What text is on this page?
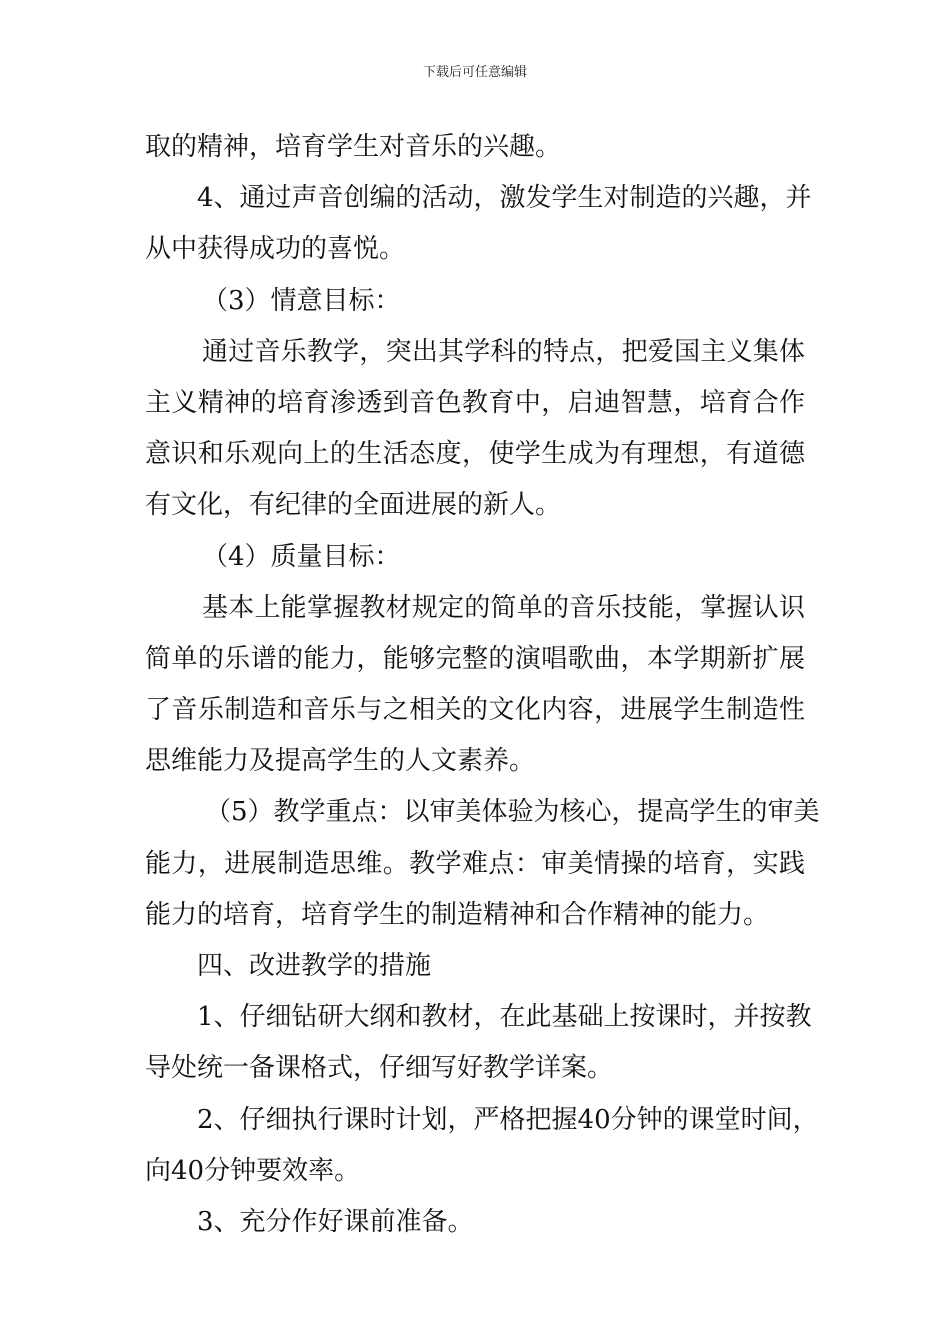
下载后可任意编辑
取的精神，培育学生对音乐的兴趣。
4、通过声音创编的活动，激发学生对制造的兴趣，并
从中获得成功的喜悦。
（3）情意目标：
通过音乐教学，突出其学科的特点，把爱国主义集体
主义精神的培育渗透到音色教育中，启迪智慧，培育合作
意识和乐观向上的生活态度，使学生成为有理想，有道德
有文化，有纪律的全面进展的新人。
（4）质量目标：
基本上能掌握教材规定的简单的音乐技能，掌握认识
简单的乐谱的能力，能够完整的演唱歌曲，本学期新扩展
了音乐制造和音乐与之相关的文化内容，进展学生制造性
思维能力及提高学生的人文素养。
（5）教学重点：以审美体验为核心，提高学生的审美
能力，进展制造思维。教学难点：审美情操的培育，实践
能力的培育，培育学生的制造精神和合作精神的能力。
四、改进教学的措施
1、仔细钻研大纲和教材，在此基础上按课时，并按教
导处统一备课格式，仔细写好教学详案。
2、仔细执行课时计划，严格把握40分钟的课堂时间，
向40分钟要效率。
3、充分作好课前准备。
